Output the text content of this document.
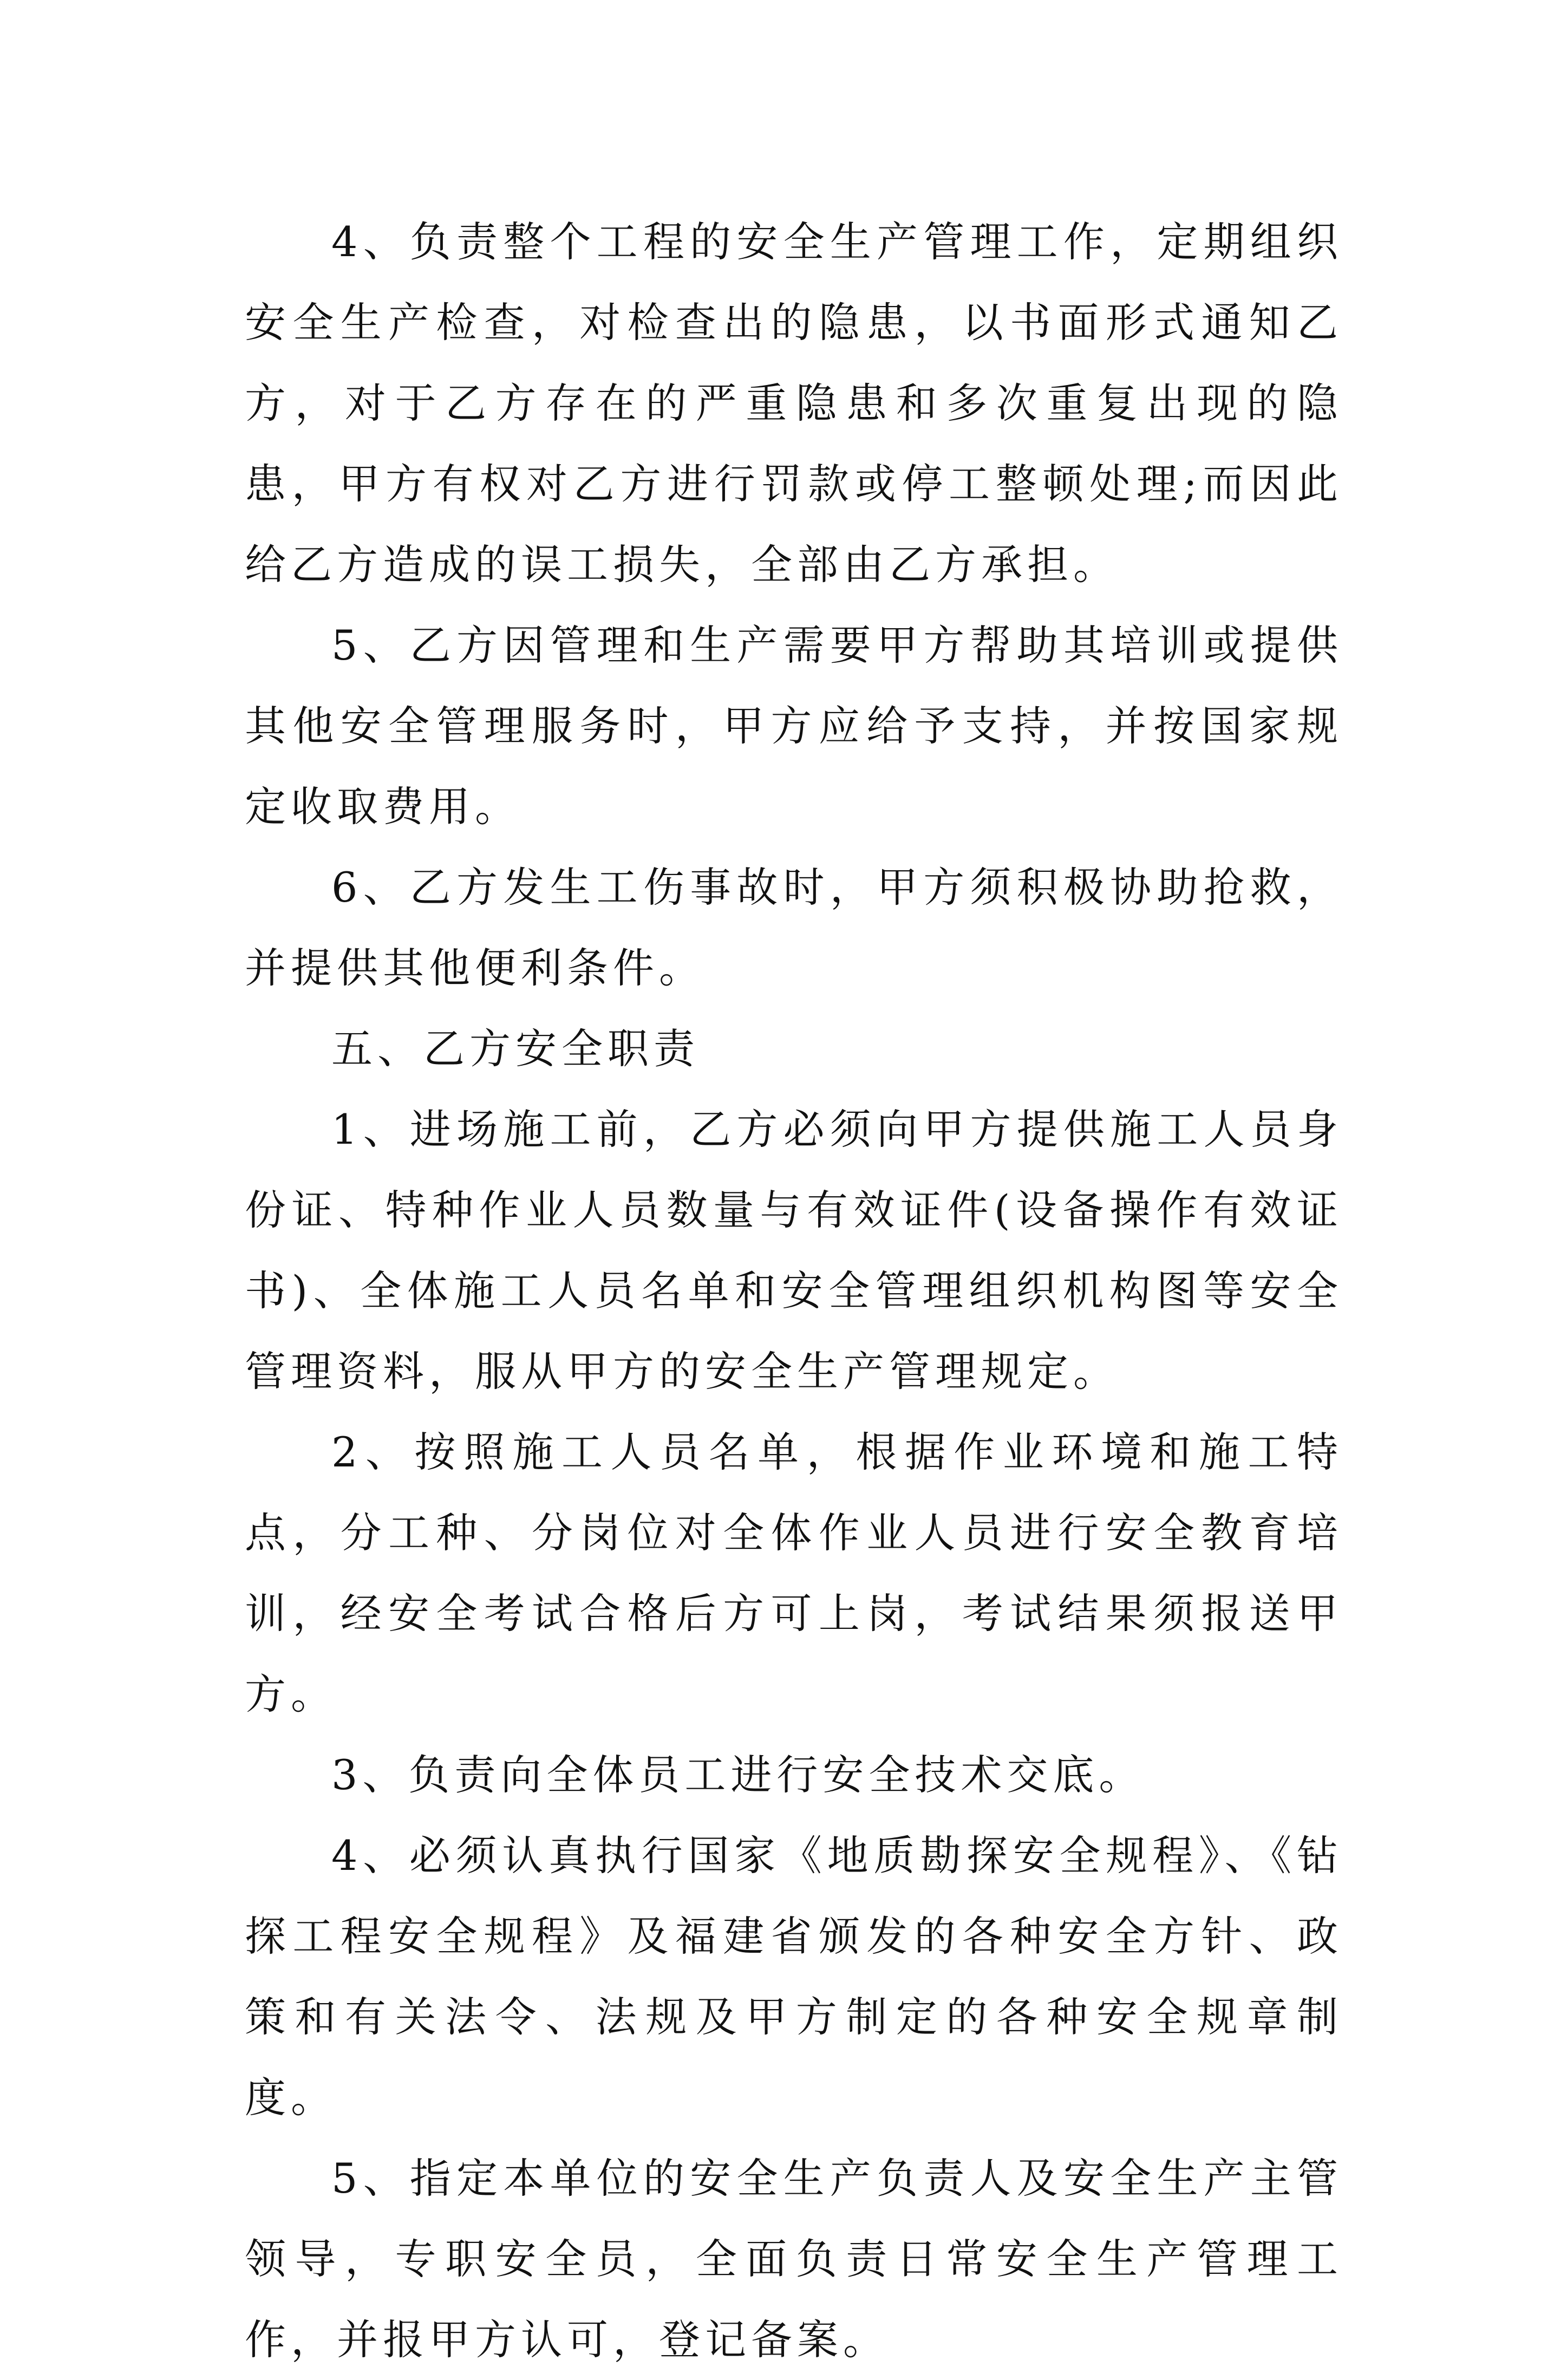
4、负责整个工程的安全生产管理工作，定期组织安全生产检查，对检查出的隐患，以书面形式通知乙方，对于乙方存在的严重隐患和多次重复出现的隐患，甲方有权对乙方进行罚款或停工整顿处理;而因此给乙方造成的误工损失，全部由乙方承担。

5、乙方因管理和生产需要甲方帮助其培训或提供其他安全管理服务时，甲方应给予支持，并按国家规定收取费用。

6、乙方发生工伤事故时，甲方须积极协助抢救，并提供其他便利条件。

五、乙方安全职责

1、进场施工前，乙方必须向甲方提供施工人员身份证、特种作业人员数量与有效证件(设备操作有效证书)、全体施工人员名单和安全管理组织机构图等安全管理资料，服从甲方的安全生产管理规定。

2、按照施工人员名单，根据作业环境和施工特点，分工种、分岗位对全体作业人员进行安全教育培训，经安全考试合格后方可上岗，考试结果须报送甲方。

3、负责向全体员工进行安全技术交底。

4、必须认真执行国家《地质勘探安全规程》、《钻探工程安全规程》及福建省颁发的各种安全方针、政策和有关法令、法规及甲方制定的各种安全规章制度。

5、指定本单位的安全生产负责人及安全生产主管领导，专职安全员，全面负责日常安全生产管理工作，并报甲方认可，登记备案。
